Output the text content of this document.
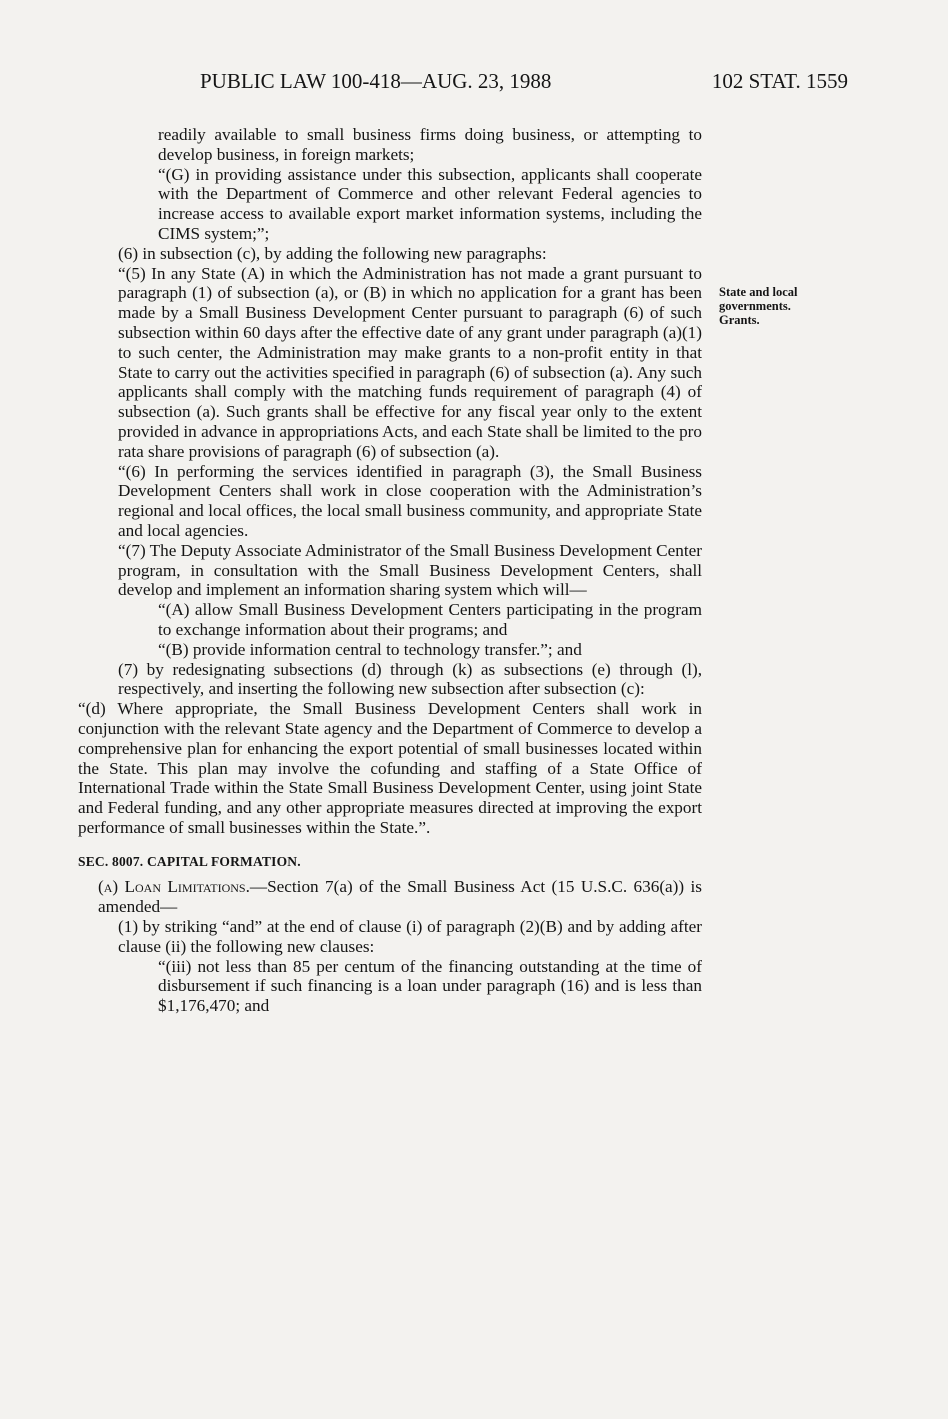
PUBLIC LAW 100-418—AUG. 23, 1988	102 STAT. 1559
State and local
governments.
Grants.

readily available to small business firms doing business, or attempting to develop business, in foreign markets;

“(G) in providing assistance under this subsection, applicants shall cooperate with the Department of Commerce and other relevant Federal agencies to increase access to available export market information systems, including the CIMS system;”;

(6) in subsection (c), by adding the following new paragraphs:

“(5) In any State (A) in which the Administration has not made a grant pursuant to paragraph (1) of subsection (a), or (B) in which no application for a grant has been made by a Small Business Development Center pursuant to paragraph (6) of such subsection within 60 days after the effective date of any grant under paragraph (a)(1) to such center, the Administration may make grants to a non-profit entity in that State to carry out the activities specified in paragraph (6) of subsection (a). Any such applicants shall comply with the matching funds requirement of paragraph (4) of subsection (a). Such grants shall be effective for any fiscal year only to the extent provided in advance in appropriations Acts, and each State shall be limited to the pro rata share provisions of paragraph (6) of subsection (a).

“(6) In performing the services identified in paragraph (3), the Small Business Development Centers shall work in close cooperation with the Administration’s regional and local offices, the local small business community, and appropriate State and local agencies.

“(7) The Deputy Associate Administrator of the Small Business Development Center program, in consultation with the Small Business Development Centers, shall develop and implement an information sharing system which will—

“(A) allow Small Business Development Centers participating in the program to exchange information about their programs; and

“(B) provide information central to technology transfer.”; and

(7) by redesignating subsections (d) through (k) as subsections (e) through (l), respectively, and inserting the following new subsection after subsection (c):

“(d) Where appropriate, the Small Business Development Centers shall work in conjunction with the relevant State agency and the Department of Commerce to develop a comprehensive plan for enhancing the export potential of small businesses located within the State. This plan may involve the cofunding and staffing of a State Office of International Trade within the State Small Business Development Center, using joint State and Federal funding, and any other appropriate measures directed at improving the export performance of small businesses within the State.”.

SEC. 8007. CAPITAL FORMATION.

(a) Loan Limitations.—Section 7(a) of the Small Business Act (15 U.S.C. 636(a)) is amended—

(1) by striking “and” at the end of clause (i) of paragraph (2)(B) and by adding after clause (ii) the following new clauses:

“(iii) not less than 85 per centum of the financing outstanding at the time of disbursement if such financing is a loan under paragraph (16) and is less than $1,176,470; and
